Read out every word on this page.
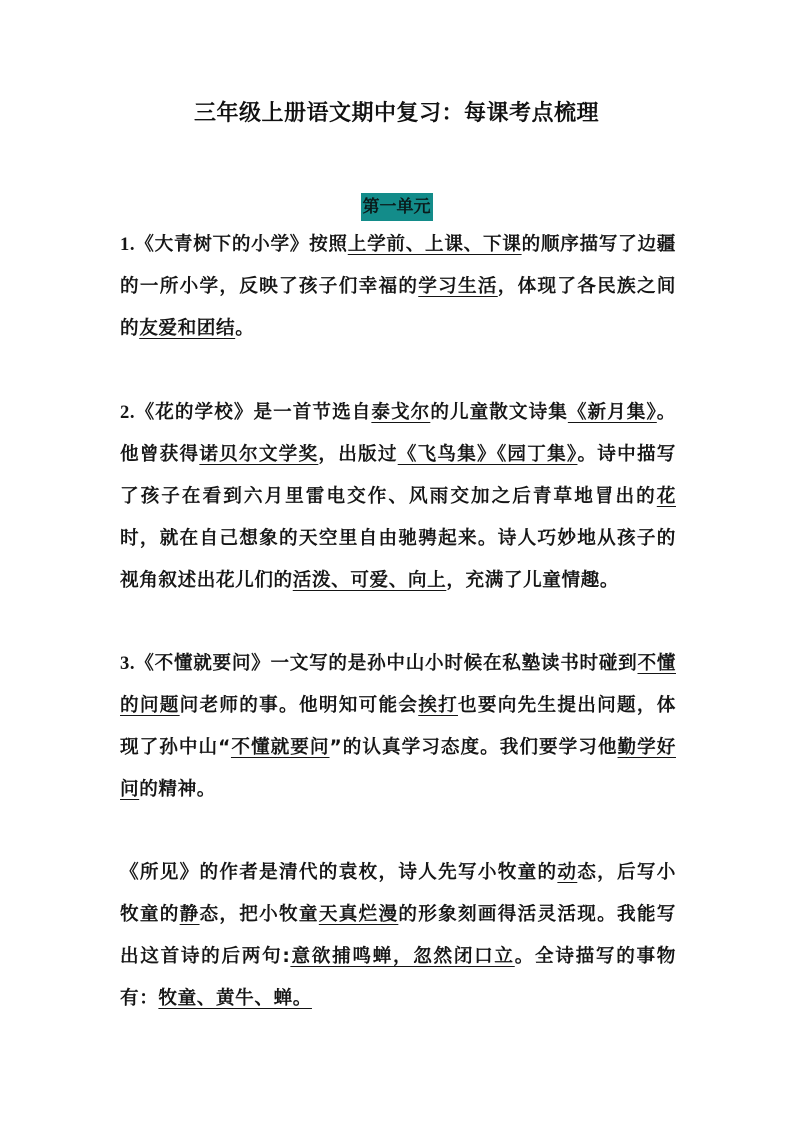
三年级上册语文期中复习：每课考点梳理
第一单元
1.《大青树下的小学》按照上学前、上课、下课的顺序描写了边疆的一所小学，反映了孩子们幸福的学习生活，体现了各民族之间的友爱和团结。
2.《花的学校》是一首节选自泰戈尔的儿童散文诗集《新月集》。他曾获得诺贝尔文学奖，出版过《飞鸟集》《园丁集》。诗中描写了孩子在看到六月里雷电交作、风雨交加之后青草地冒出的花时，就在自己想象的天空里自由驰骋起来。诗人巧妙地从孩子的视角叙述出花儿们的活泼、可爱、向上，充满了儿童情趣。
3.《不懂就要问》一文写的是孙中山小时候在私塾读书时碰到不懂的问题问老师的事。他明知可能会挨打也要向先生提出问题，体现了孙中山“不懂就要问”的认真学习态度。我们要学习他勤学好问的精神。
《所见》的作者是清代的袁枚，诗人先写小牧童的动态，后写小牧童的静态，把小牧童天真烂漫的形象刻画得活灵活现。我能写出这首诗的后两句:意欲捕鸣蝉，忽然闭口立。全诗描写的事物有：牧童、黄牛、蝉。
